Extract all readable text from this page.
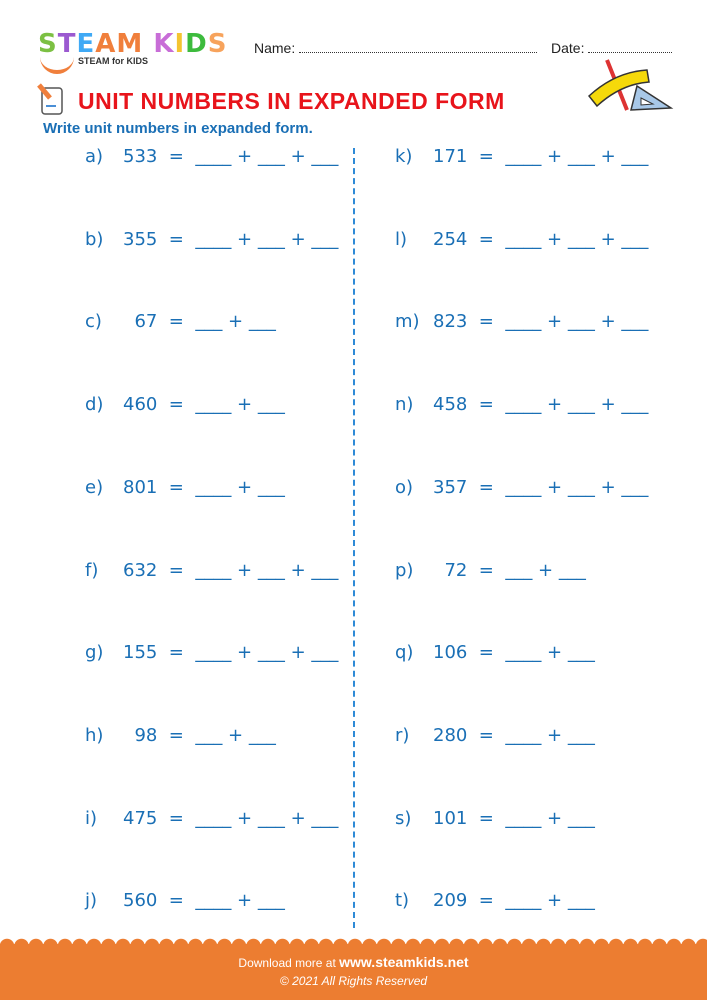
STEAM KIDS
STEAM for KIDS
Name:	Date:
UNIT NUMBERS IN EXPANDED FORM
Write unit numbers in expanded form.
a) 533  =  ____ + ___ + ___
b) 355  =  ____ + ___ + ___
c)  67  =  ___ + ___
d) 460  =  ____ + ___
e) 801  =  ____ + ___
f) 632  =  ____ + ___ + ___
g) 155  =  ____ + ___ + ___
h)  98  =  ___ + ___
i) 475  =  ____ + ___ + ___
j) 560  =  ____ + ___
k) 171  =  ____ + ___ + ___
l) 254  =  ____ + ___ + ___
m) 823  =  ____ + ___ + ___
n) 458  =  ____ + ___ + ___
o) 357  =  ____ + ___ + ___
p)  72  =  ___ + ___
q) 106  =  ____ + ___
r) 280  =  ____ + ___
s) 101  =  ____ + ___
t) 209  =  ____ + ___
Download more at www.steamkids.net
© 2021 All Rights Reserved
